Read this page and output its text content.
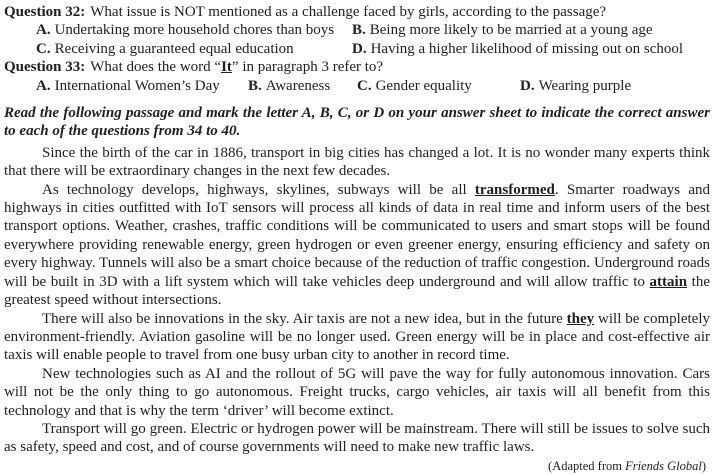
Question 32: What issue is NOT mentioned as a challenge faced by girls, according to the passage?
A. Undertaking more household chores than boys	B. Being more likely to be married at a young age
C. Receiving a guaranteed equal education	D. Having a higher likelihood of missing out on school
Question 33: What does the word “It” in paragraph 3 refer to?
A. International Women’s Day	B. Awareness	C. Gender equality	D. Wearing purple
Read the following passage and mark the letter A, B, C, or D on your answer sheet to indicate the correct answer to each of the questions from 34 to 40.

Since the birth of the car in 1886, transport in big cities has changed a lot. It is no wonder many experts think that there will be extraordinary changes in the next few decades.

As technology develops, highways, skylines, subways will be all transformed. Smarter roadways and highways in cities outfitted with IoT sensors will process all kinds of data in real time and inform users of the best transport options. Weather, crashes, traffic conditions will be communicated to users and smart stops will be found everywhere providing renewable energy, green hydrogen or even greener energy, ensuring efficiency and safety on every highway. Tunnels will also be a smart choice because of the reduction of traffic congestion. Underground roads will be built in 3D with a lift system which will take vehicles deep underground and will allow traffic to attain the greatest speed without intersections.

There will also be innovations in the sky. Air taxis are not a new idea, but in the future they will be completely environment-friendly. Aviation gasoline will be no longer used. Green energy will be in place and cost-effective air taxis will enable people to travel from one busy urban city to another in record time.

New technologies such as AI and the rollout of 5G will pave the way for fully autonomous innovation. Cars will not be the only thing to go autonomous. Freight trucks, cargo vehicles, air taxis will all benefit from this technology and that is why the term ‘driver’ will become extinct.

Transport will go green. Electric or hydrogen power will be mainstream. There will still be issues to solve such as safety, speed and cost, and of course governments will need to make new traffic laws.

(Adapted from Friends Global)
